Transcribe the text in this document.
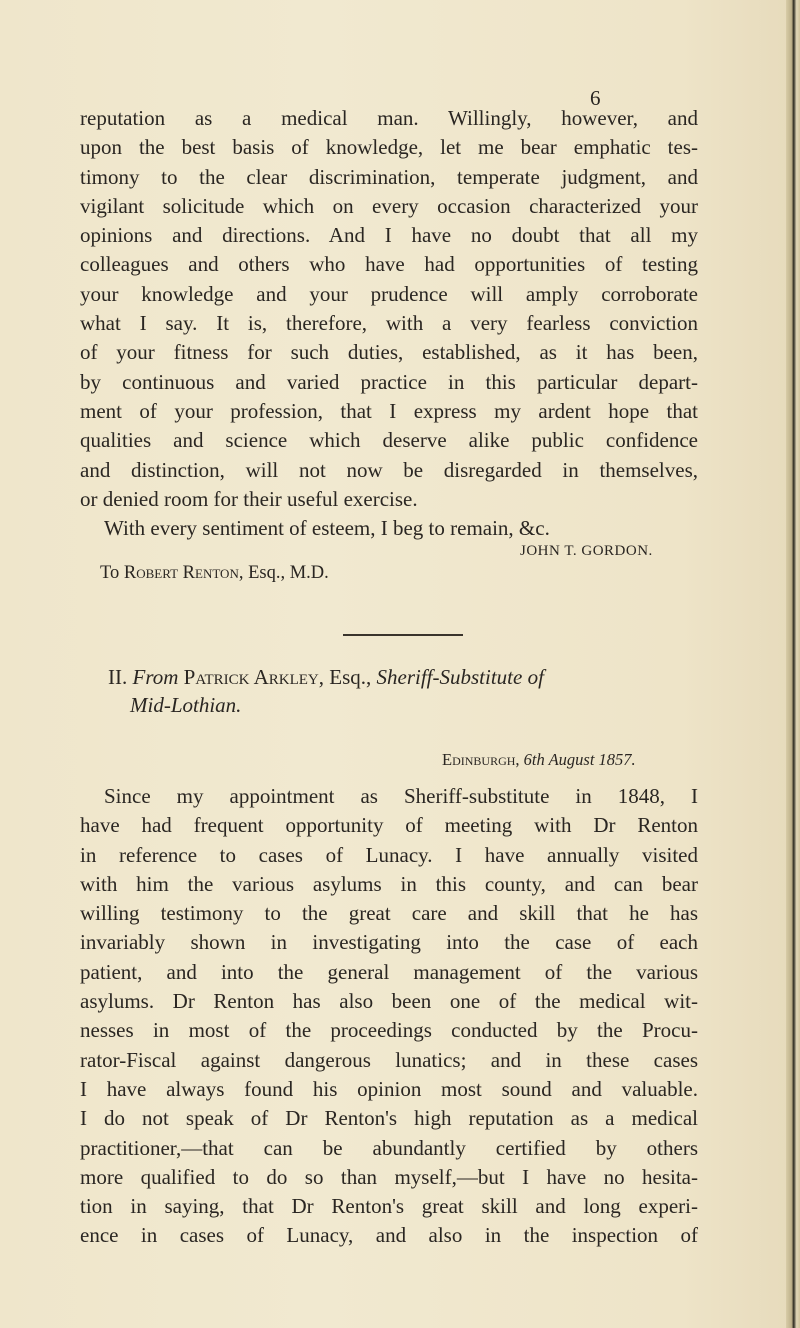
6
reputation as a medical man. Willingly, however, and
upon the best basis of knowledge, let me bear emphatic tes-
timony to the clear discrimination, temperate judgment, and
vigilant solicitude which on every occasion characterized your
opinions and directions. And I have no doubt that all my
colleagues and others who have had opportunities of testing
your knowledge and your prudence will amply corroborate
what I say. It is, therefore, with a very fearless conviction
of your fitness for such duties, established, as it has been,
by continuous and varied practice in this particular depart-
ment of your profession, that I express my ardent hope that
qualities and science which deserve alike public confidence
and distinction, will not now be disregarded in themselves,
or denied room for their useful exercise.
With every sentiment of esteem, I beg to remain, &c.
JOHN T. GORDON.
To Robert Renton, Esq., M.D.
II. From Patrick Arkley, Esq., Sheriff-Substitute of
Mid-Lothian.
Edinburgh, 6th August 1857.
Since my appointment as Sheriff-substitute in 1848, I
have had frequent opportunity of meeting with Dr Renton
in reference to cases of Lunacy. I have annually visited
with him the various asylums in this county, and can bear
willing testimony to the great care and skill that he has
invariably shown in investigating into the case of each
patient, and into the general management of the various
asylums. Dr Renton has also been one of the medical wit-
nesses in most of the proceedings conducted by the Procu-
rator-Fiscal against dangerous lunatics; and in these cases
I have always found his opinion most sound and valuable.
I do not speak of Dr Renton's high reputation as a medical
practitioner,—that can be abundantly certified by others
more qualified to do so than myself,—but I have no hesita-
tion in saying, that Dr Renton's great skill and long experi-
ence in cases of Lunacy, and also in the inspection of
